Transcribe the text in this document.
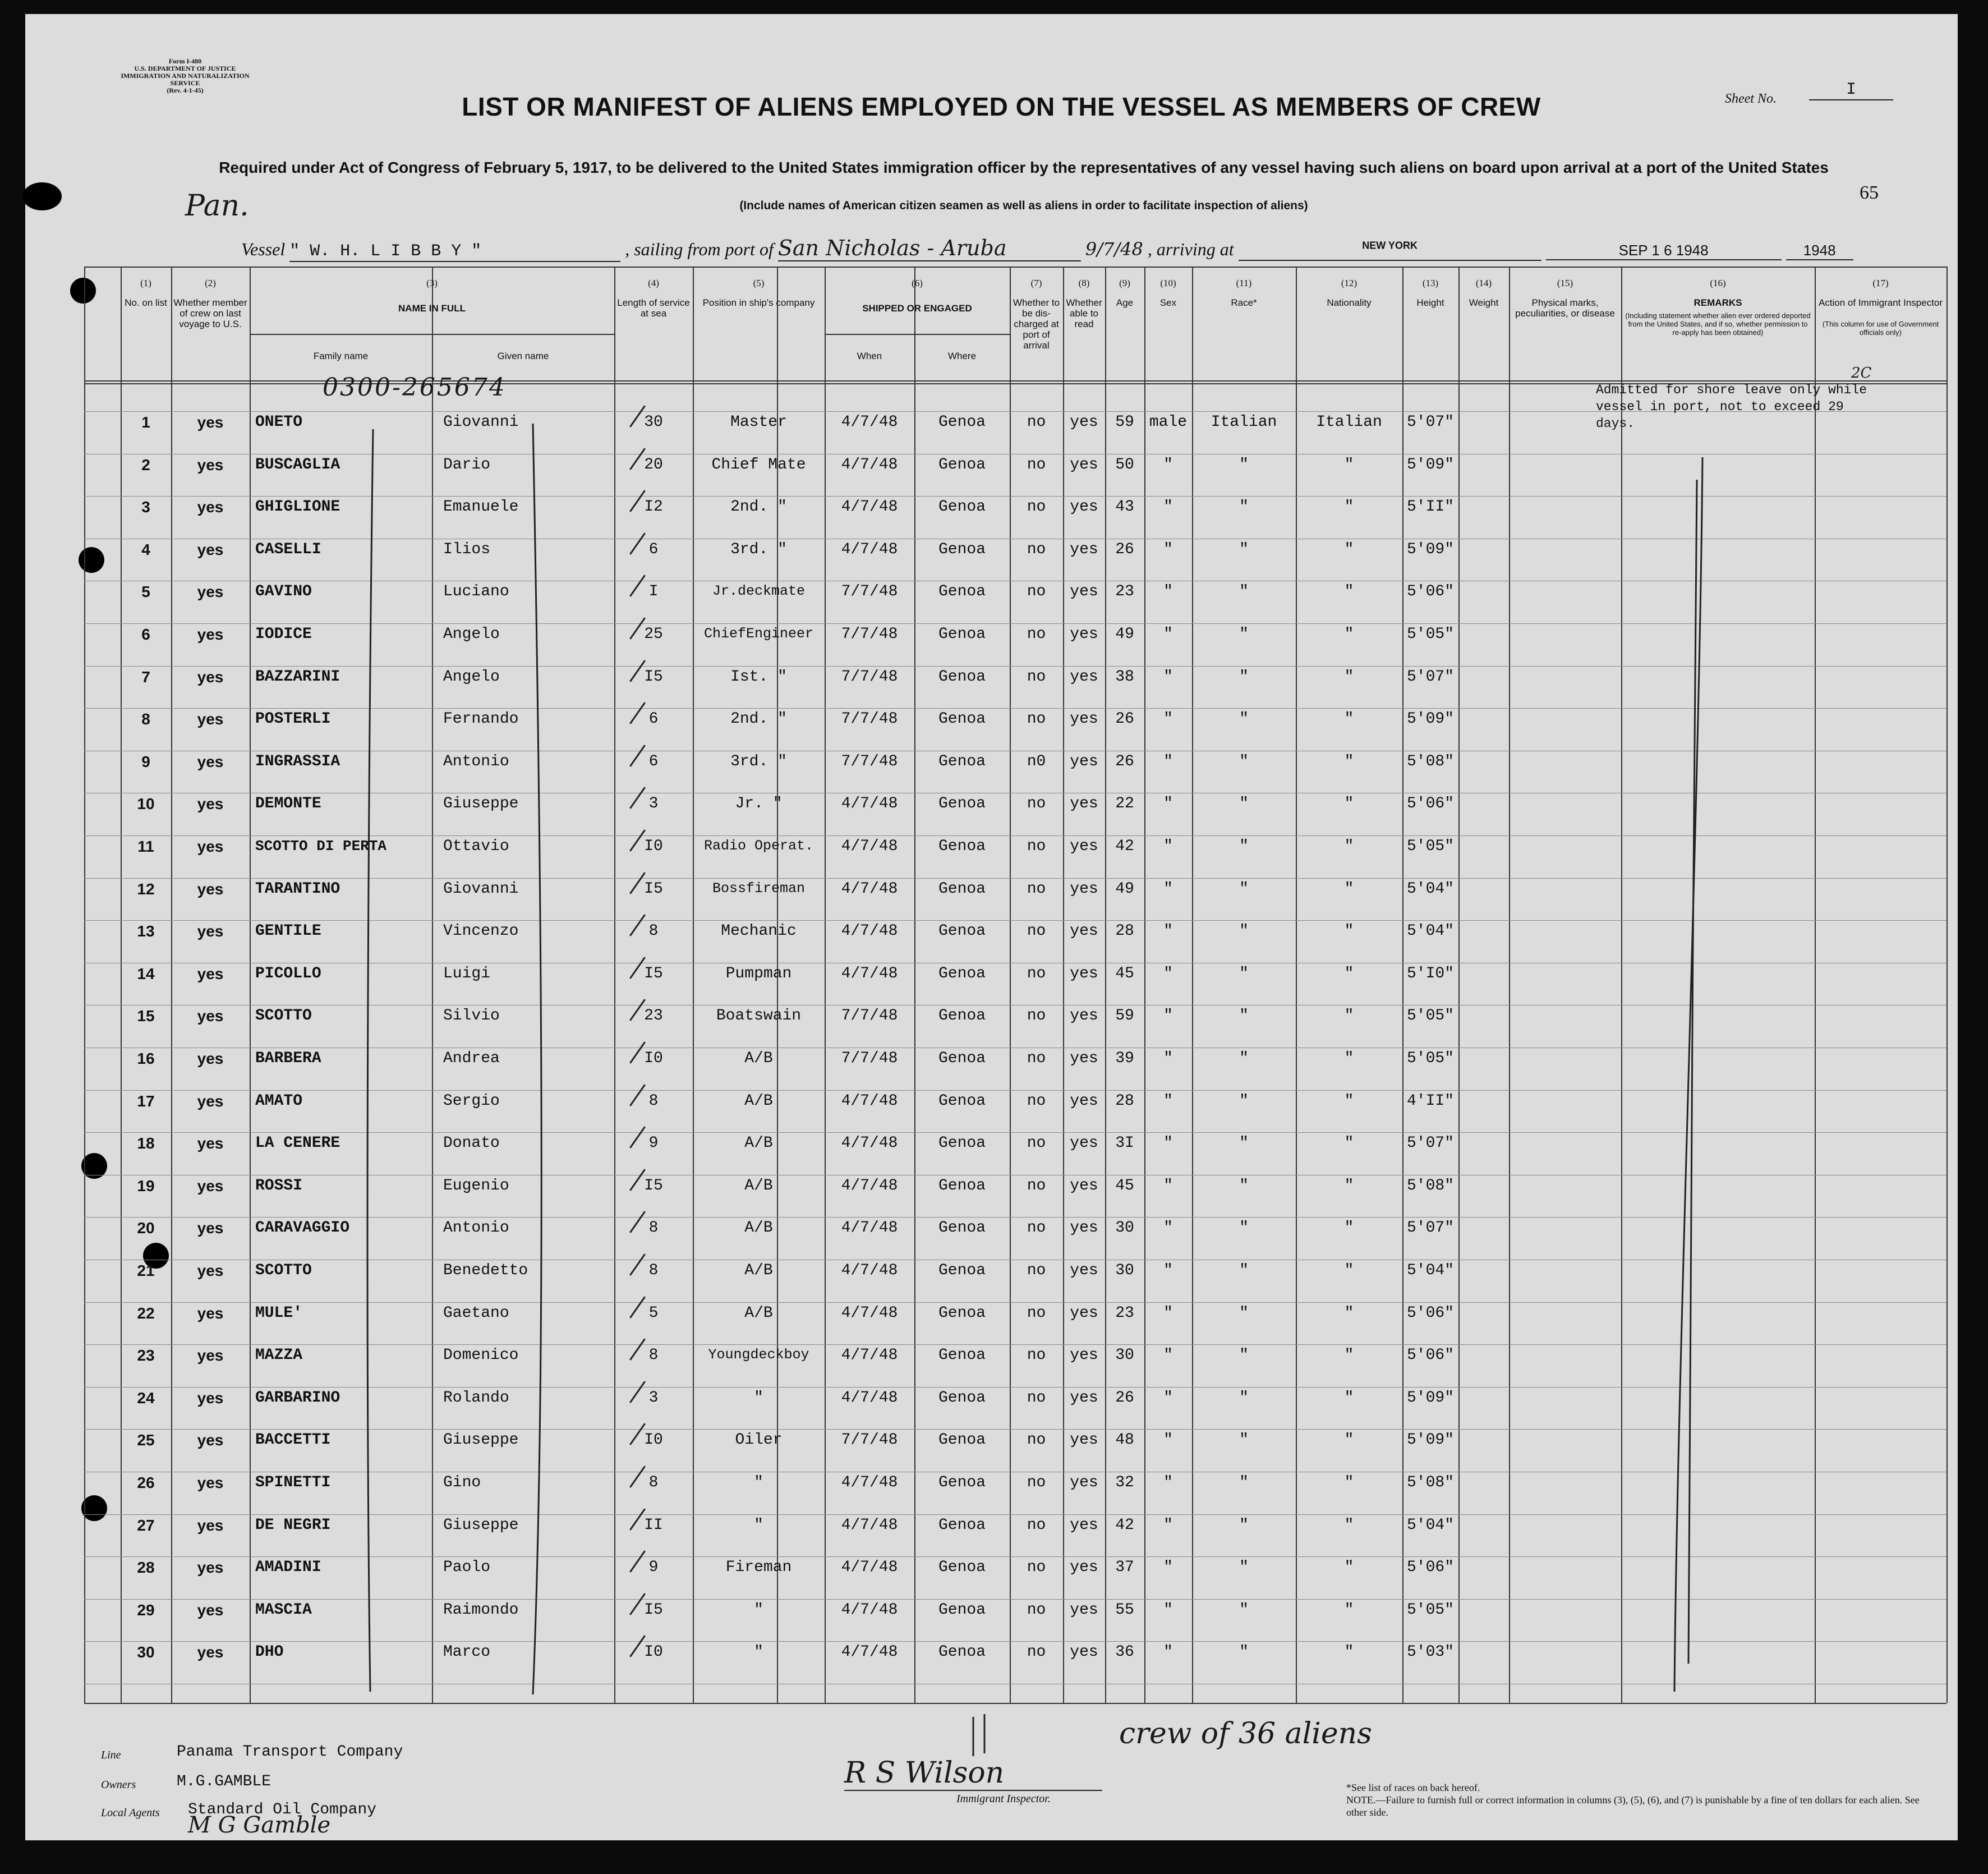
Form I-480
U.S. DEPARTMENT OF JUSTICE
IMMIGRATION AND NATURALIZATION SERVICE
(Rev. 4-1-45)
LIST OR MANIFEST OF ALIENS EMPLOYED ON THE VESSEL AS MEMBERS OF CREW	Sheet No.	I
Required under Act of Congress of February 5, 1917, to be delivered to the United States immigration officer by the representatives of any vessel having such aliens on board upon arrival at a port of the United States
(Include names of American citizen seamen as well as aliens in order to facilitate inspection of aliens)
65
Pan.
Vessel " W. H. L I B B Y "	, sailing from port of San Nicholas - Aruba	9/7/48 , arriving at	$^{NEW YORK}$	SEP 1 6 1948	1948
(1)
No. on list
(2)
Whether member of crew on last voyage to U.S.
(3)
NAME IN FULL
(4)
Length of service at sea
(5)
Position in ship's company
(6)
SHIPPED OR ENGAGED
(7)
Whether to be dis-charged at port of arrival
(8)
Whether able to read
(9)
Age
(10)
Sex
(11)
Race*
(12)
Nationality
(13)
Height
(14)
Weight
(15)
Physical marks, peculiarities, or disease
(16)
REMARKS
(17)
Action of Immigrant Inspector
Family name	Given name	When	Where
(Including statement whether alien ever ordered deported from the United States, and if so, whether permission to re-apply has been obtained)
(This column for use of Government officials only)
1	yes	ONETO	Giovanni	30	Master	4/7/48	Genoa	no	yes	59 male	Italian	Italian	5'07"
2	yes	BUSCAGLIA	Dario	20	Chief Mate	4/7/48	Genoa	no	yes	50	"	"	"	5'09"
3	yes	GHIGLIONE	Emanuele	I2	2nd. "	4/7/48	Genoa	no	yes	43	"	"	"	5'II"
4	yes	CASELLI	Ilios	6	3rd. "	4/7/48	Genoa	no	yes	26	"	"	"	5'09"
5	yes	GAVINO	Luciano	I	Jr.deckmate	7/7/48	Genoa	no	yes	23	"	"	"	5'06"
6	yes	IODICE	Angelo	25	ChiefEngineer	7/7/48	Genoa	no	yes	49	"	"	"	5'05"
7	yes	BAZZARINI	Angelo	I5	Ist. "	7/7/48	Genoa	no	yes	38	"	"	"	5'07"
8	yes	POSTERLI	Fernando	6	2nd. "	7/7/48	Genoa	no	yes	26	"	"	"	5'09"
9	yes	INGRASSIA	Antonio	6	3rd. "	7/7/48	Genoa	n0	yes	26	"	"	"	5'08"
10	yes	DEMONTE	Giuseppe	3	Jr. "	4/7/48	Genoa	no	yes	22	"	"	"	5'06"
11	yes	SCOTTO DI PERTA	Ottavio	I0	Radio Operat.	4/7/48	Genoa	no	yes	42	"	"	"	5'05"
12	yes	TARANTINO	Giovanni	I5	Bossfireman	4/7/48	Genoa	no	yes	49	"	"	"	5'04"
13	yes	GENTILE	Vincenzo	8	Mechanic	4/7/48	Genoa	no	yes	28	"	"	"	5'04"
14	yes	PICOLLO	Luigi	I5	Pumpman	4/7/48	Genoa	no	yes	45	"	"	"	5'I0"
15	yes	SCOTTO	Silvio	23	Boatswain	7/7/48	Genoa	no	yes	59	"	"	"	5'05"
16	yes	BARBERA	Andrea	I0	A/B	7/7/48	Genoa	no	yes	39	"	"	"	5'05"
17	yes	AMATO	Sergio	8	A/B	4/7/48	Genoa	no	yes	28	"	"	"	4'II"
18	yes	LA CENERE	Donato	9	A/B	4/7/48	Genoa	no	yes	3I	"	"	"	5'07"
19	yes	ROSSI	Eugenio	I5	A/B	4/7/48	Genoa	no	yes	45	"	"	"	5'08"
20	yes	CARAVAGGIO	Antonio	8	A/B	4/7/48	Genoa	no	yes	30	"	"	"	5'07"
21	yes	SCOTTO	Benedetto	8	A/B	4/7/48	Genoa	no	yes	30	"	"	"	5'04"
22	yes	MULE'	Gaetano	5	A/B	4/7/48	Genoa	no	yes	23	"	"	"	5'06"
23	yes	MAZZA	Domenico	8	Youngdeckboy	4/7/48	Genoa	no	yes	30	"	"	"	5'06"
24	yes	GARBARINO	Rolando	3	"	4/7/48	Genoa	no	yes	26	"	"	"	5'09"
25	yes	BACCETTI	Giuseppe	I0	Oiler	7/7/48	Genoa	no	yes	48	"	"	"	5'09"
26	yes	SPINETTI	Gino	8	"	4/7/48	Genoa	no	yes	32	"	"	"	5'08"
27	yes	DE NEGRI	Giuseppe	II	"	4/7/48	Genoa	no	yes	42	"	"	"	5'04"
28	yes	AMADINI	Paolo	9	Fireman	4/7/48	Genoa	no	yes	37	"	"	"	5'06"
29	yes	MASCIA	Raimondo	I5	"	4/7/48	Genoa	no	yes	55	"	"	"	5'05"
30	yes	DHO	Marco	I0	"	4/7/48	Genoa	no	yes	36	"	"	"	5'03"
0300-265674	2C
Admitted for shore leave only while vessel in port, not to exceed 29 days.
Line	Panama Transport Company
Owners	M.G.GAMBLE
Local Agents Standard Oil Company
M G Gamble
R S Wilson
Immigrant Inspector.
crew of 36 aliens
*See list of races on back hereof.
NOTE.—Failure to furnish full or correct information in columns (3), (5), (6), and (7) is punishable by a fine of ten dollars for each alien. See other side.
